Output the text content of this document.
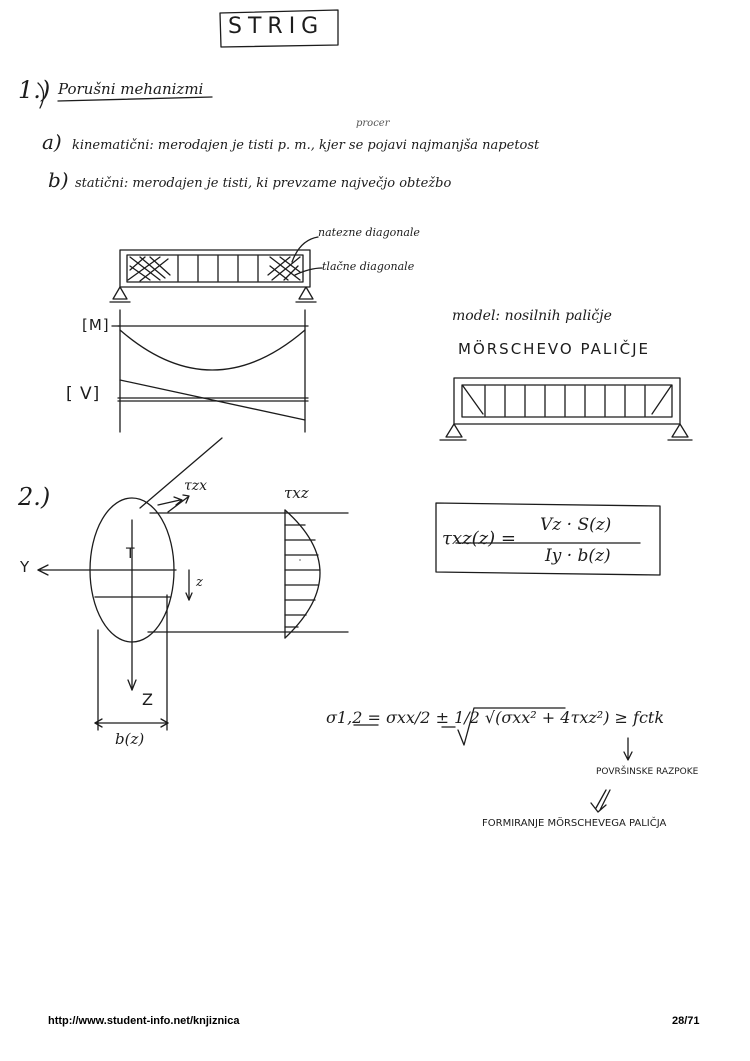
STRIG
1.) Porušni mehanizmi
a) kinematični: merodajen je tisti p. m., kjer se pojavi najmanjša napetost
procer
b) statični: merodajen je tisti, ki prevzame največjo obtežbo
natezne diagonale
tlačne diagonale
[M]
[ V]
model: nosilnih paličje
MÖRSCHEVO PALIČJE
2.)
Y
T
z
Z
b(z)
τzx	τxz
τxz(z) =
Vz · S(z)
Iy · b(z)
σ1,2 = σxx/2 ± 1/2 √(σxx² + 4τxz²) ≥ fctk
POVRŠINSKE RAZPOKE
FORMIRANJE MÖRSCHEVEGA PALIČJA
http://www.student-info.net/knjiznica	28/71
